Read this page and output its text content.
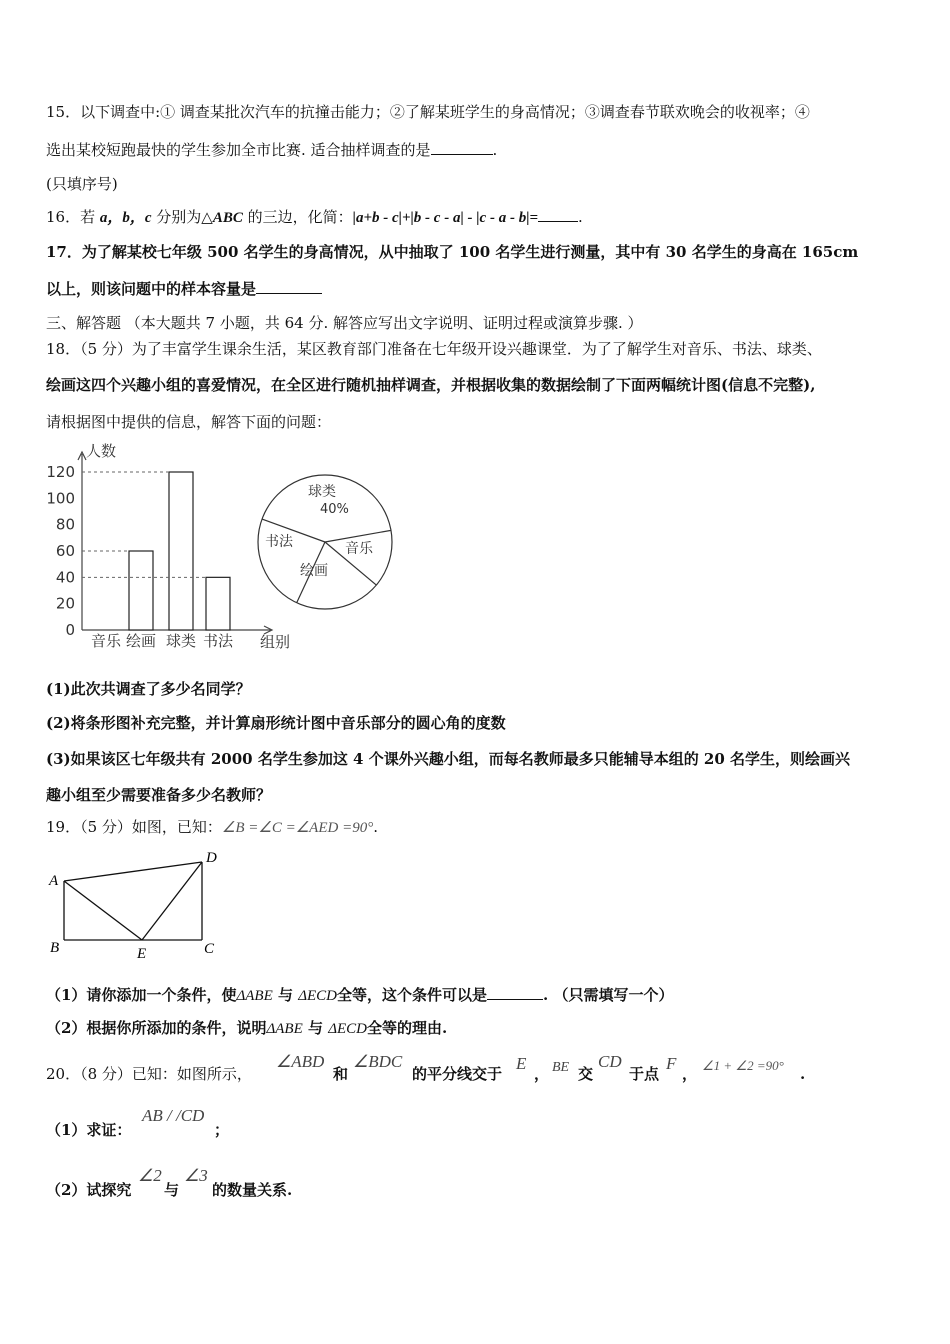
15．以下调查中:① 调查某批次汽车的抗撞击能力；②了解某班学生的身高情况；③调查春节联欢晚会的收视率；④
选出某校短跑最快的学生参加全市比赛. 适合抽样调查的是	.
(只填序号)
16．若 a，b，c 分别为△ABC 的三边，化简：|a+b - c|+|b - c - a| - |c - a - b|=	.
17．为了解某校七年级 500 名学生的身高情况，从中抽取了 100 名学生进行测量，其中有 30 名学生的身高在 165cm
以上，则该问题中的样本容量是
三、解答题 （本大题共 7 小题，共 64 分. 解答应写出文字说明、证明过程或演算步骤. ）
18．（5 分）为了丰富学生课余生活，某区教育部门准备在七年级开设兴趣课堂．为了了解学生对音乐、书法、球类、
绘画这四个兴趣小组的喜爱情况，在全区进行随机抽样调查，并根据收集的数据绘制了下面两幅统计图(信息不完整),
请根据图中提供的信息，解答下面的问题：
人数
0
20
40
60
80
100
120
音乐 绘画 球类 书法 组别
球类
书法
绘画
音乐
40%
(1)此次共调查了多少名同学？
(2)将条形图补充完整，并计算扇形统计图中音乐部分的圆心角的度数
(3)如果该区七年级共有 2000 名学生参加这 4 个课外兴趣小组，而每名教师最多只能辅导本组的 20 名学生，则绘画兴
趣小组至少需要准备多少名教师？
19．（5 分）如图，已知：∠B =∠C =∠AED =90°.
A
B	C
D
E
（1）请你添加一个条件，使ΔABE 与 ΔECD全等，这个条件可以是	. （只需填写一个）
（2）根据你所添加的条件，说明ΔABE 与 ΔECD全等的理由.
20．（8 分）已知：如图所示，
∠ABD
和
∠BDC
的平分线交于
E
， BE 交
CD
于点
F
， ∠1 + ∠2 =90° .
（1）求证：
AB / /CD
；
（2）试探究
∠2
与
∠3
的数量关系.
